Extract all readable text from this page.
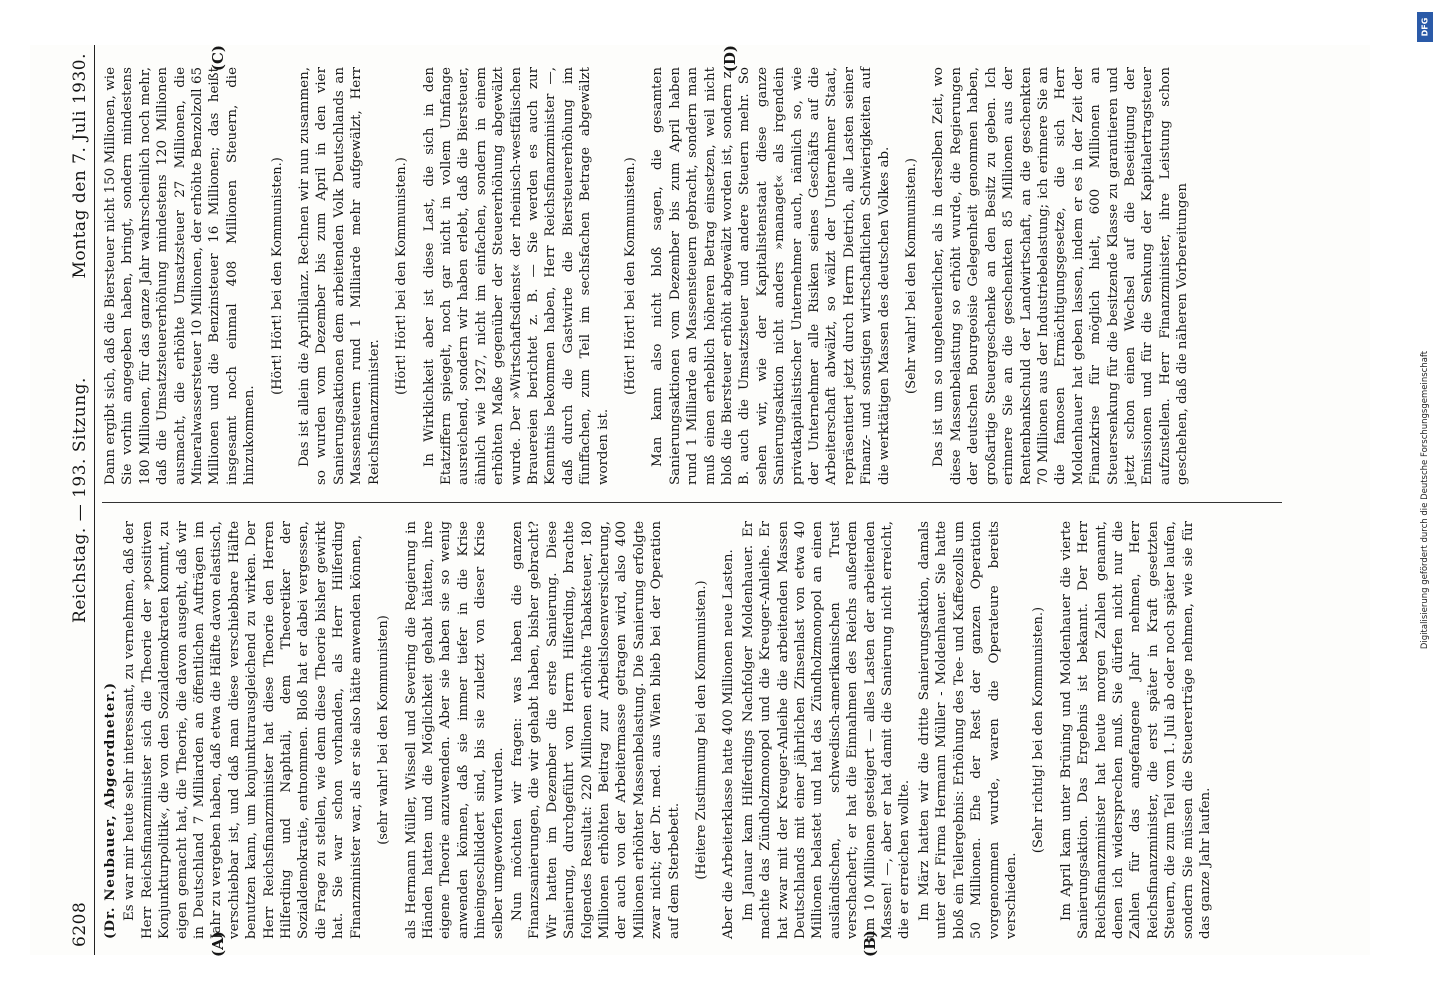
6208
Reichstag. — 193. Sitzung.
Montag den 7. Juli 1930.
(A)	(B)

(Dr. Neubauer, Abgeordneter.) Es war mir heute sehr interessant, zu vernehmen, daß der Herr Reichsfinanzminister sich die Theorie der »positiven Konjunkturpolitik«, die von den Sozialdemokraten kommt, zu eigen gemacht hat, die Theorie, die davon ausgeht, daß wir in Deutschland 7 Milliarden an öffentlichen Aufträgen im Jahr zu vergeben haben, daß etwa die Hälfte davon elastisch, verschiebbar ist, und daß man diese verschiebbare Hälfte benutzen kann, um konjunkturausgleichend zu wirken. Der Herr Reichsfinanzminister hat diese Theorie den Herren Hilferding und Naphtali, dem Theoretiker der Sozialdemokratie, entnommen. Bloß hat er dabei vergessen, die Frage zu stellen, wie denn diese Theorie bisher gewirkt hat. Sie war schon vorhanden, als Herr Hilferding Finanzminister war, als er sie also hätte anwenden können, (sehr wahr! bei den Kommunisten) als Hermann Müller, Wissell und Severing die Regierung in Händen hatten und die Möglichkeit gehabt hätten, ihre eigene Theorie anzuwenden. Aber sie haben sie so wenig anwenden können, daß sie immer tiefer in die Krise hineingeschliddert sind, bis sie zuletzt von dieser Krise selber umgeworfen wurden. Nun möchten wir fragen: was haben die ganzen Finanzsanierungen, die wir gehabt haben, bisher gebracht? Wir hatten im Dezember die erste Sanierung. Diese Sanierung, durchgeführt von Herrn Hilferding, brachte folgendes Resultat: 220 Millionen erhöhte Tabaksteuer, 180 Millionen erhöhten Beitrag zur Arbeitslosenversicherung, der auch von der Arbeitermasse getragen wird, also 400 Millionen erhöhter Massenbelastung. Die Sanierung erfolgte zwar nicht; der Dr. med. aus Wien blieb bei der Operation auf dem Sterbebett. (Heitere Zustimmung bei den Kommunisten.) Aber die Arbeiterklasse hatte 400 Millionen neue Lasten. Im Januar kam Hilferdings Nachfolger Moldenhauer. Er machte das Zündholzmonopol und die Kreuger-Anleihe. Er hat zwar mit der Kreuger-Anleihe die arbeitenden Massen Deutschlands mit einer jährlichen Zinsenlast von etwa 40 Millionen belastet und hat das Zündholzmonopol an einen ausländischen, schwedisch-amerikanischen Trust verschachert; er hat die Einnahmen des Reichs außerdem um 10 Millionen gesteigert — alles Lasten der arbeitenden Massen! —, aber er hat damit die Sanierung nicht erreicht, die er erreichen wollte. Im März hatten wir die dritte Sanierungsaktion, damals unter der Firma Hermann Müller - Moldenhauer. Sie hatte bloß ein Teilergebnis: Erhöhung des Tee- und Kaffeezolls um 50 Millionen. Ehe der Rest der ganzen Operation vorgenommen wurde, waren die Operateure bereits verschieden.

(Sehr richtig! bei den Kommunisten.) Im April kam unter Brüning und Moldenhauer die vierte Sanierungsaktion. Das Ergebnis ist bekannt. Der Herr Reichsfinanzminister hat heute morgen Zahlen genannt, denen ich widersprechen muß. Sie dürfen nicht nur die Zahlen für das angefangene Jahr nehmen, Herr Reichsfinanzminister, die erst später in Kraft gesetzten Steuern, die zum Teil vom 1. Juli ab oder noch später laufen, sondern Sie müssen die Steuererträge nehmen, wie sie für das ganze Jahr laufen.

(C)	(D)

Dann ergibt sich, daß die Biersteuer nicht 150 Millionen, wie Sie vorhin angegeben haben, bringt, sondern mindestens 180 Millionen, für das ganze Jahr wahrscheinlich noch mehr, daß die Umsatzsteuererhöhung mindestens 120 Millionen ausmacht, die erhöhte Umsatzsteuer 27 Millionen, die Mineralwassersteuer 10 Millionen, der erhöhte Benzolzoll 65 Millionen und die Benzinsteuer 16 Millionen; das heißt insgesamt noch einmal 408 Millionen Steuern, die hinzukommen.

(Hört! Hört! bei den Kommunisten.) Das ist allein die Aprilbilanz. Rechnen wir nun zusammen, so wurden vom Dezember bis zum April in den vier Sanierungsaktionen dem arbeitenden Volk Deutschlands an Massensteuern rund 1 Milliarde mehr aufgewälzt, Herr Reichsfinanzminister.

(Hört! Hört! bei den Kommunisten.) In Wirklichkeit aber ist diese Last, die sich in den Etatziffern spiegelt, noch gar nicht in vollem Umfange ausreichend, sondern wir haben erlebt, daß die Biersteuer, ähnlich wie 1927, nicht im einfachen, sondern in einem erhöhten Maße gegenüber der Steuererhöhung abgewälzt wurde. Der »Wirtschaftsdienst« der rheinisch-westfälischen Brauereien berichtet z. B. — Sie werden es auch zur Kenntnis bekommen haben, Herr Reichsfinanzminister —, daß durch die Gastwirte die Biersteuererhöhung im fünffachen, zum Teil im sechsfachen Betrage abgewälzt worden ist.

(Hört! Hört! bei den Kommunisten.) Man kann also nicht bloß sagen, die gesamten Sanierungsaktionen vom Dezember bis zum April haben rund 1 Milliarde an Massensteuern gebracht, sondern man muß einen erheblich höheren Betrag einsetzen, weil nicht bloß die Biersteuer erhöht abgewälzt worden ist, sondern z. B. auch die Umsatzsteuer und andere Steuern mehr. So sehen wir, wie der Kapitalistenstaat diese ganze Sanierungsaktion nicht anders »managet« als irgendein privatkapitalistischer Unternehmer auch, nämlich so, wie der Unternehmer alle Risiken seines Geschäfts auf die Arbeiterschaft abwälzt, so wälzt der Unternehmer Staat, repräsentiert jetzt durch Herrn Dietrich, alle Lasten seiner Finanz- und sonstigen wirtschaftlichen Schwierigkeiten auf die werktätigen Massen des deutschen Volkes ab. (Sehr wahr! bei den Kommunisten.) Das ist um so ungeheuerlicher, als in derselben Zeit, wo diese Massenbelastung so erhöht wurde, die Regierungen der deutschen Bourgeoisie Gelegenheit genommen haben, großartige Steuergeschenke an den Besitz zu geben. Ich erinnere Sie an die geschenkten 85 Millionen aus der Rentenbankschuld der Landwirtschaft, an die geschenkten 70 Millionen aus der Industriebelastung; ich erinnere Sie an die famosen Ermächtigungsgesetze, die sich Herr Moldenhauer hat geben lassen, indem er es in der Zeit der Finanzkrise für möglich hielt, 600 Millionen an Steuersenkung für die besitzende Klasse zu garantieren und jetzt schon einen Wechsel auf die Beseitigung der Emissionen und für die Senkung der Kapitalertragsteuer aufzustellen. Herr Finanzminister, ihre Leistung schon geschehen, daß die näheren Vorbereitungen

Digitalisierung gefördert durch die Deutsche Forschungsgemeinschaft
DFG
